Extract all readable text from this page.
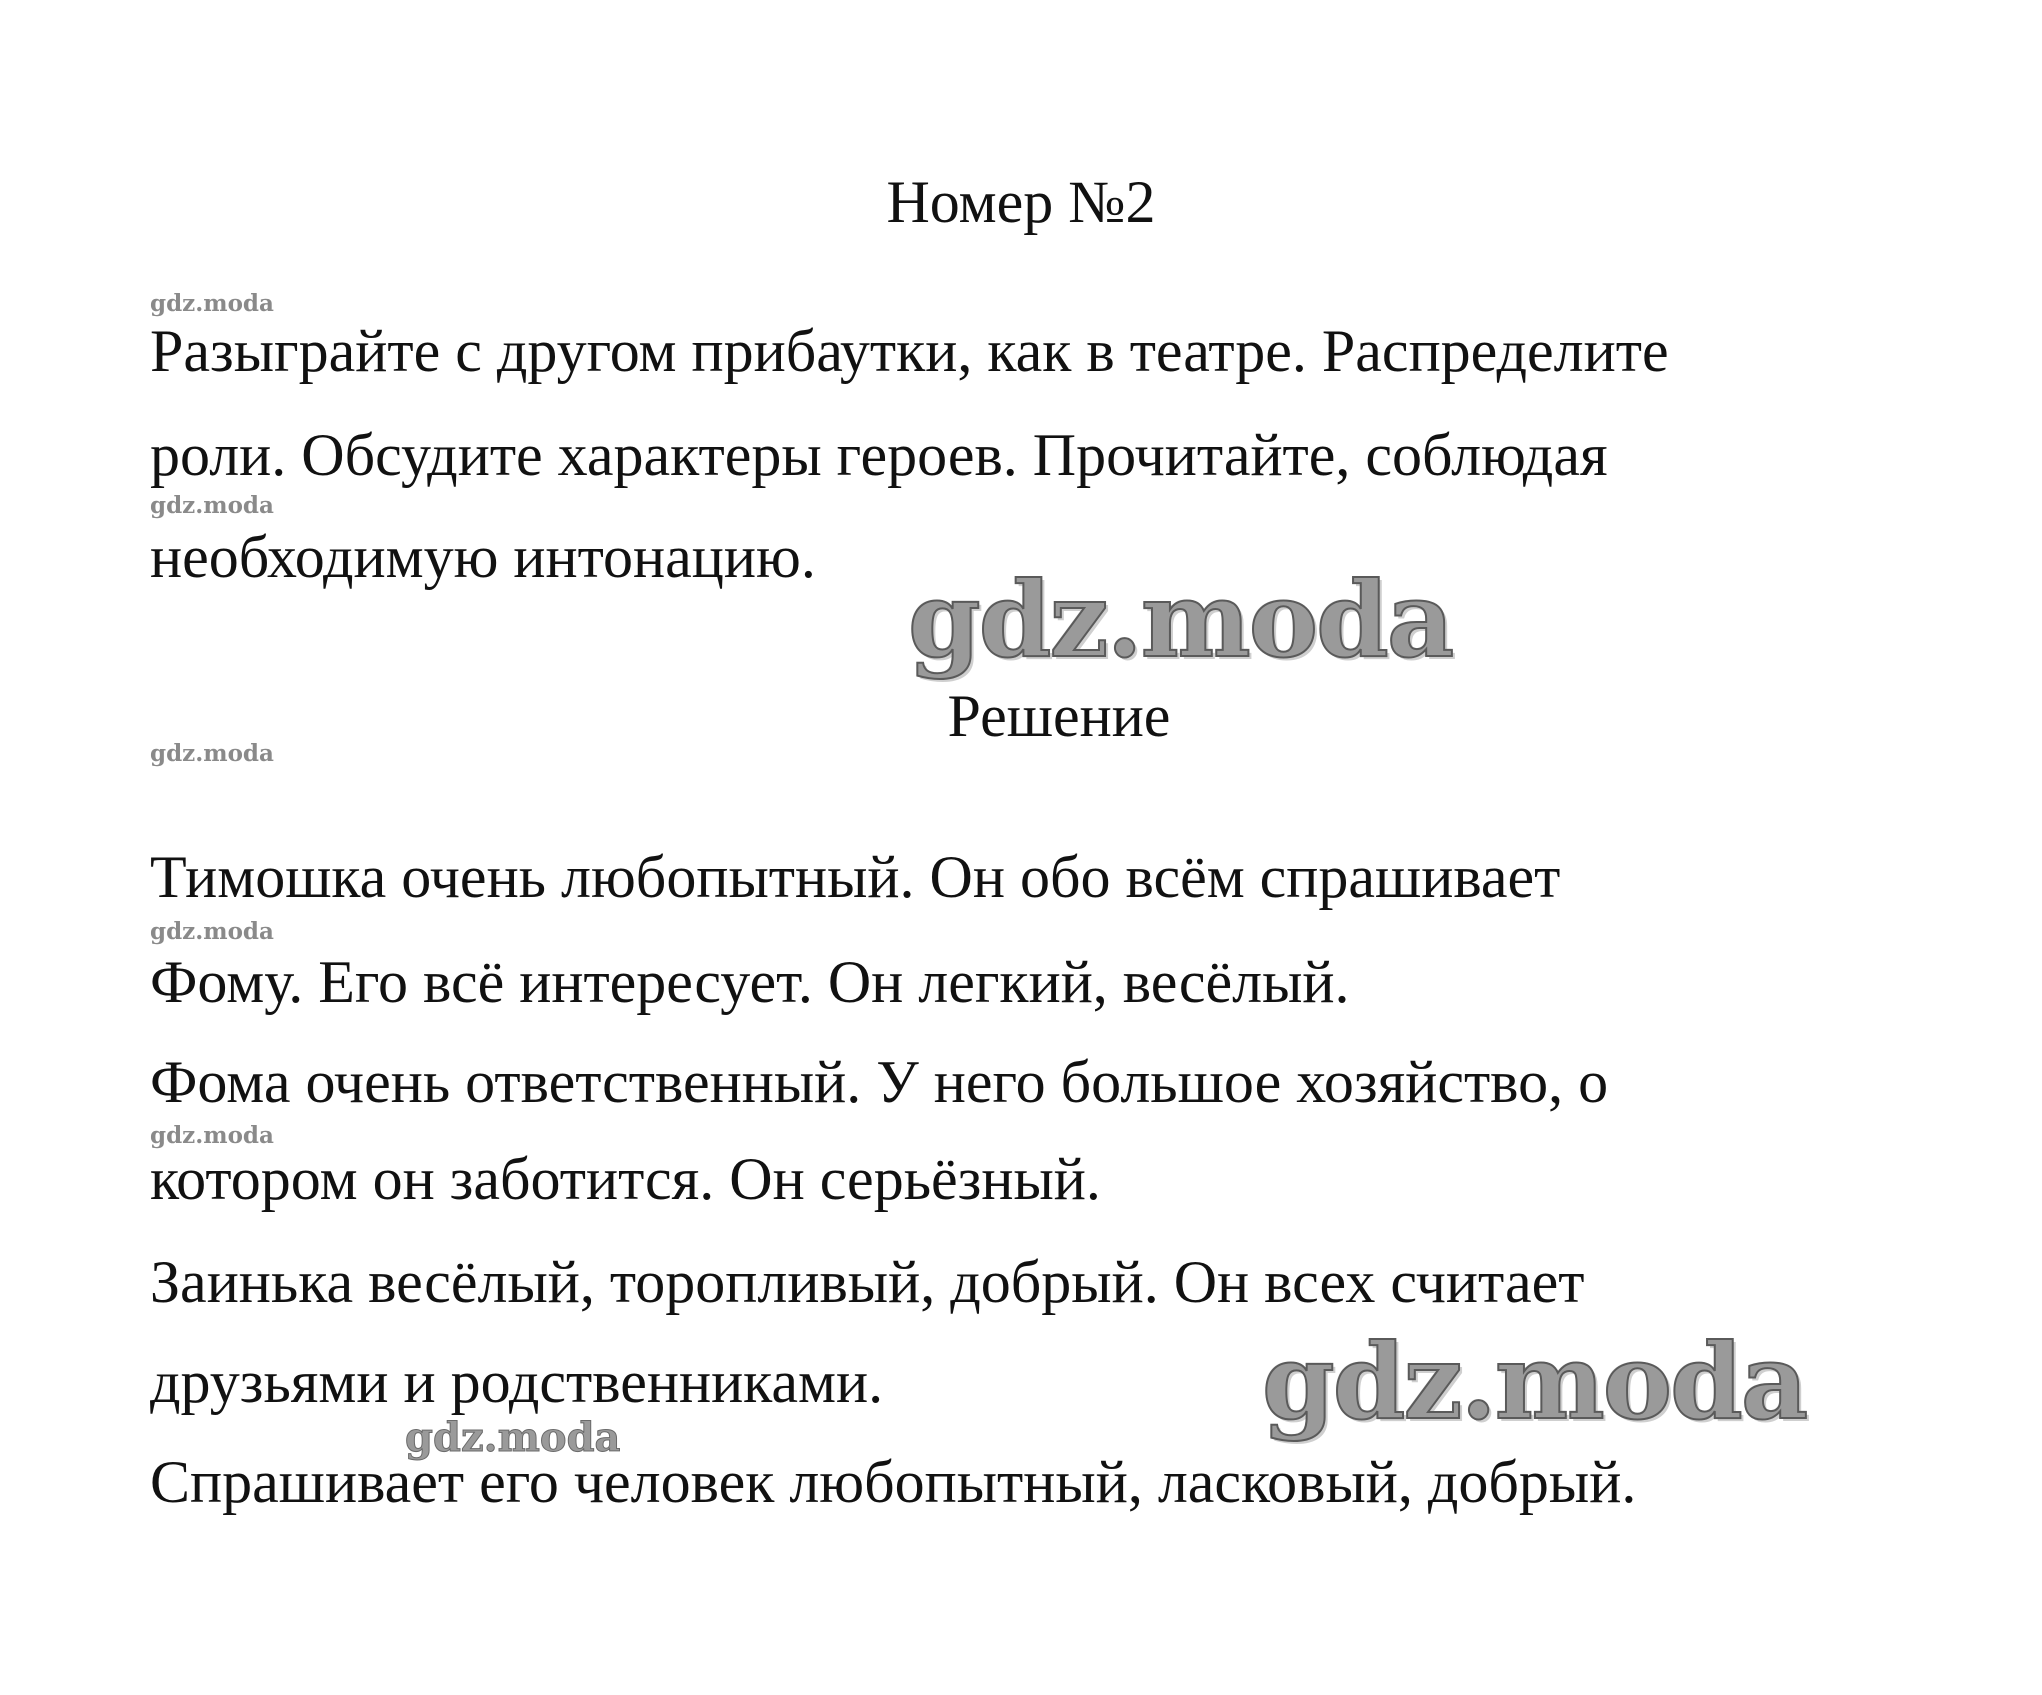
Номер №2
gdz.moda
gdz.moda
gdz.moda
gdz.moda
gdz.moda
Разыграйте с другом прибаутки, как в театре. Распределите
роли. Обсудите характеры героев. Прочитайте, соблюдая
необходимую интонацию.
gdz.moda
Решение
Тимошка очень любопытный. Он обо всём спрашивает
Фому. Его всё интересует. Он легкий, весёлый.
Фома очень ответственный. У него большое хозяйство, о
котором он заботится. Он серьёзный.
Заинька весёлый, торопливый, добрый. Он всех считает
друзьями и родственниками.	gdz.moda
gdz.moda
Спрашивает его человек любопытный, ласковый, добрый.
